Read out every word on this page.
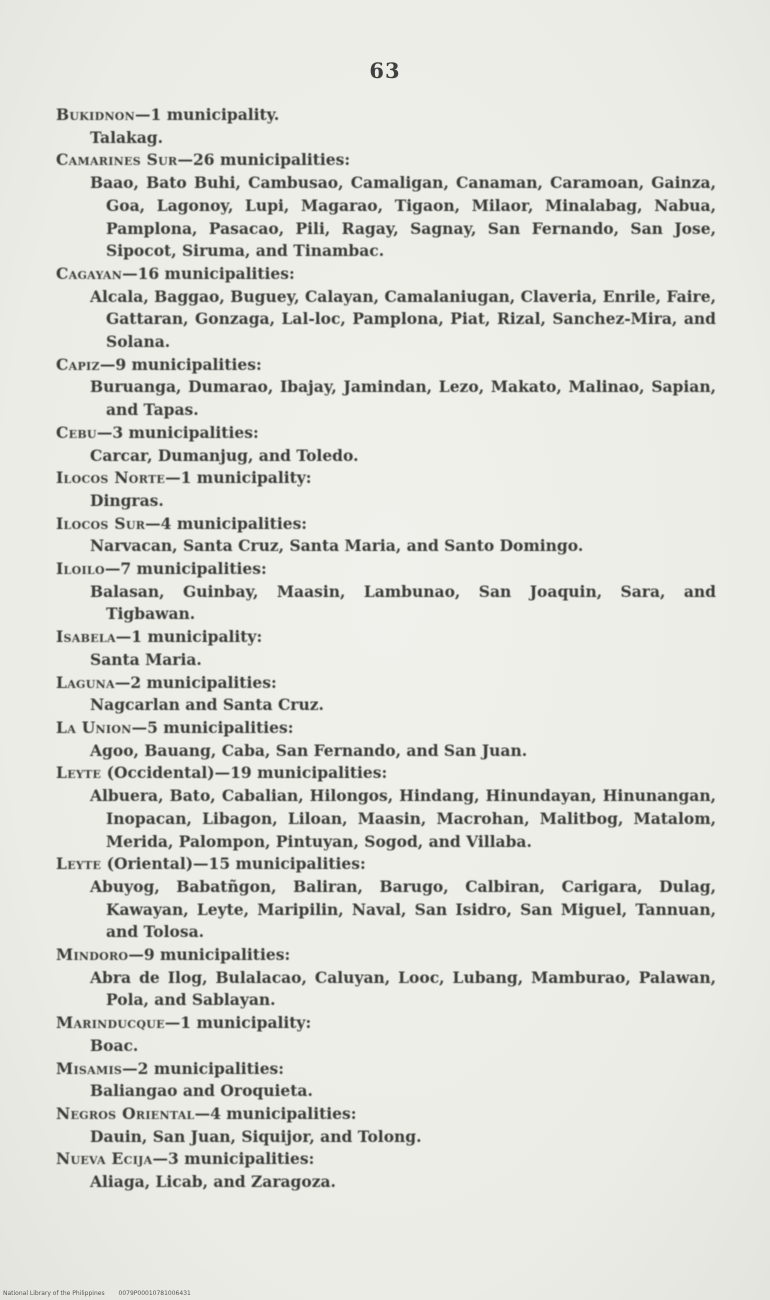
63

Bukidnon—1 municipality.

Talakag.

Camarines Sur—26 municipalities:

Baao, Bato Buhi, Cambusao, Camaligan, Canaman, Caramoan, Gainza, Goa, Lagonoy, Lupi, Magarao, Tigaon, Milaor, Minalabag, Nabua, Pamplona, Pasacao, Pili, Ragay, Sagnay, San Fernando, San Jose, Sipocot, Siruma, and Tinambac.

Cagayan—16 municipalities:

Alcala, Baggao, Buguey, Calayan, Camalaniugan, Claveria, Enrile, Faire, Gattaran, Gonzaga, Lal-loc, Pamplona, Piat, Rizal, Sanchez-Mira, and Solana.

Capiz—9 municipalities:

Buruanga, Dumarao, Ibajay, Jamindan, Lezo, Makato, Malinao, Sapian, and Tapas.

Cebu—3 municipalities:

Carcar, Dumanjug, and Toledo.

Ilocos Norte—1 municipality:

Dingras.

Ilocos Sur—4 municipalities:

Narvacan, Santa Cruz, Santa Maria, and Santo Domingo.

Iloilo—7 municipalities:

Balasan, Guinbay, Maasin, Lambunao, San Joaquin, Sara, and Tigbawan.

Isabela—1 municipality:

Santa Maria.

Laguna—2 municipalities:

Nagcarlan and Santa Cruz.

La Union—5 municipalities:

Agoo, Bauang, Caba, San Fernando, and San Juan.

Leyte (Occidental)—19 municipalities:

Albuera, Bato, Cabalian, Hilongos, Hindang, Hinundayan, Hinunangan, Inopacan, Libagon, Liloan, Maasin, Macrohan, Malitbog, Matalom, Merida, Palompon, Pintuyan, Sogod, and Villaba.

Leyte (Oriental)—15 municipalities:

Abuyog, Babatñgon, Baliran, Barugo, Calbiran, Carigara, Dulag, Kawayan, Leyte, Maripilin, Naval, San Isidro, San Miguel, Tannuan, and Tolosa.

Mindoro—9 municipalities:

Abra de Ilog, Bulalacao, Caluyan, Looc, Lubang, Mamburao, Palawan, Pola, and Sablayan.

Marinducque—1 municipality:

Boac.

Misamis—2 municipalities:

Baliangao and Oroquieta.

Negros Oriental—4 municipalities:

Dauin, San Juan, Siquijor, and Tolong.

Nueva Ecija—3 municipalities:

Aliaga, Licab, and Zaragoza.

National Library of the Philippines 0079P00010781006431
